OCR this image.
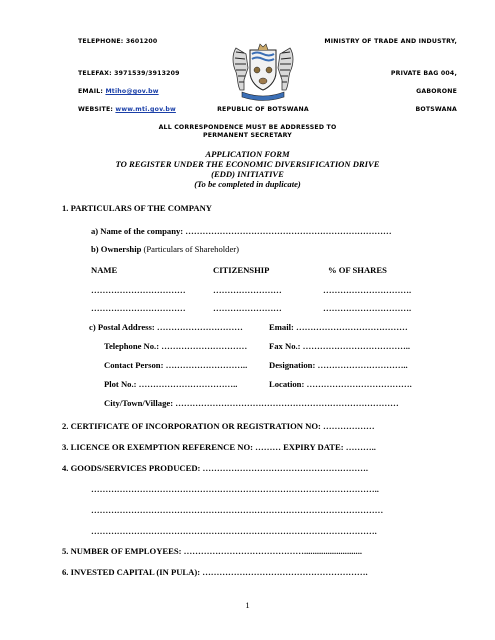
TELEPHONE: 3601200
TELEFAX: 3971539/3913209
EMAIL: Mtiho@gov.bw
WEBSITE: www.mti.gov.bw	REPUBLIC OF BOTSWANA
MINISTRY OF TRADE AND INDUSTRY,
PRIVATE BAG 004,
GABORONE
BOTSWANA
ALL CORRESPONDENCE MUST BE ADDRESSED TO
PERMANENT SECRETARY
APPLICATION FORM
TO REGISTER UNDER THE ECONOMIC DIVERSIFICATION DRIVE
(EDD) INITIATIVE
(To be completed in duplicate)
1. PARTICULARS OF THE COMPANY
a) Name of the company: ………………………………………………………………
b) Ownership (Particulars of Shareholder)
NAME	CITIZENSHIP	% OF SHARES
……………………………	……………………	………………………….
……………………………	……………………	………………………….
c) Postal Address: …………………………	Email: …………………………………
Telephone No.: …………………………	Fax No.: ………………………………..
Contact Person: ………………………..	Designation: …………………………..
Plot No.: ……………………………..	Location: ……………………………….
City/Town/Village: ……………………………………………………………………
2. CERTIFICATE OF INCORPORATION OR REGISTRATION NO: ………………
3. LICENCE OR EXEMPTION REFERENCE NO: ……… EXPIRY DATE: ………..
4. GOODS/SERVICES PRODUCED: ………………………………………………….
………………………………………………………………………………………..
…………………………………………………………………………………………
……………………………………………………………………………………….
5. NUMBER OF EMPLOYEES: ……………………………………...........................
6. INVESTED CAPITAL (IN PULA): ………………………………………………….
1
